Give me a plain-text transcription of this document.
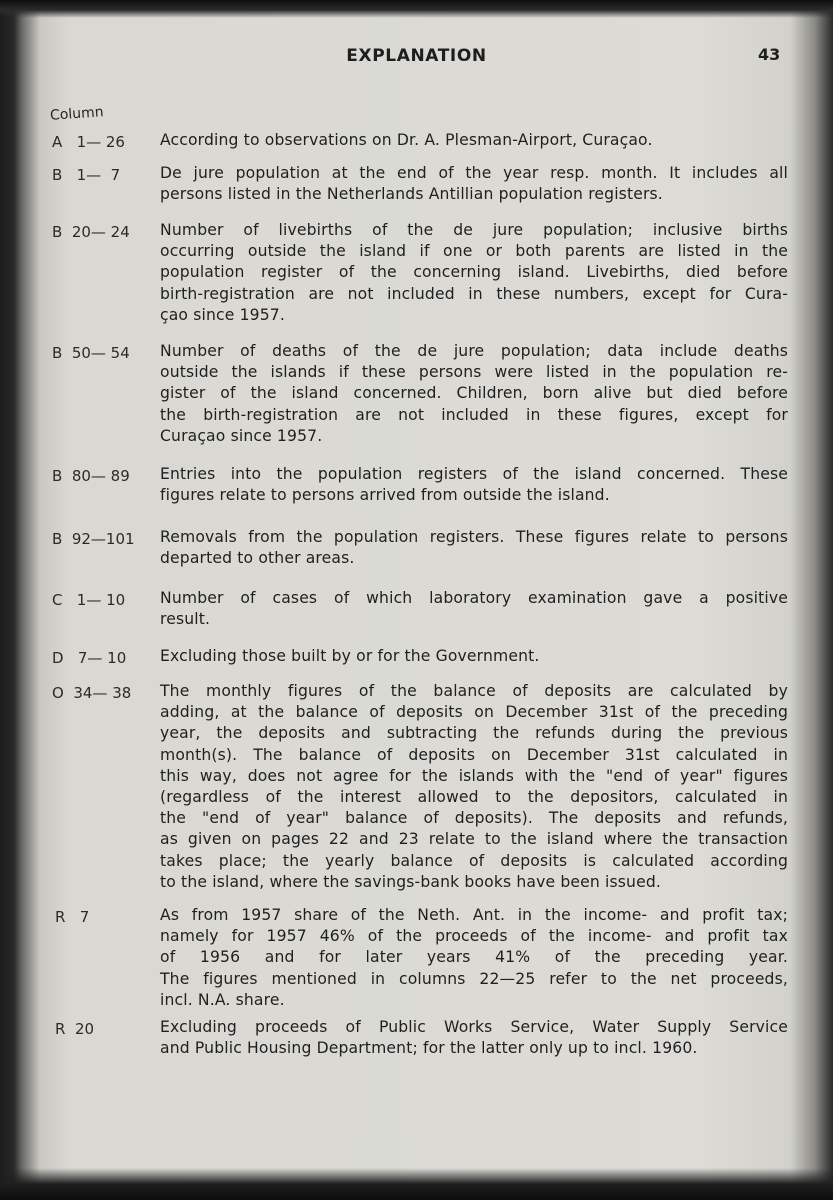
EXPLANATION	43
Column
A   1— 26 According to observations on Dr. A. Plesman-Airport, Curaçao.
B   1—  7	De jure population at the end of the year resp. month. It includes all
persons listed in the Netherlands Antillian population registers.
B  20— 24 Number of livebirths of the de jure population; inclusive births
occurring outside the island if one or both parents are listed in the
population register of the concerning island. Livebirths, died before
birth-registration are not included in these numbers, except for Cura-
çao since 1957.
B  50— 54 Number of deaths of the de jure population; data include deaths
outside the islands if these persons were listed in the population re-
gister of the island concerned. Children, born alive but died before
the birth-registration are not included in these figures, except for
Curaçao since 1957.
B  80— 89 Entries into the population registers of the island concerned. These
figures relate to persons arrived from outside the island.
B  92—101 Removals from the population registers. These figures relate to persons
departed to other areas.
C   1— 10 Number of cases of which laboratory examination gave a positive
result.
D   7— 10 Excluding those built by or for the Government.
O  34— 38 The monthly figures of the balance of deposits are calculated by
adding, at the balance of deposits on December 31st of the preceding
year, the deposits and subtracting the refunds during the previous
month(s). The balance of deposits on December 31st calculated in
this way, does not agree for the islands with the "end of year" figures
(regardless of the interest allowed to the depositors, calculated in
the "end of year" balance of deposits). The deposits and refunds,
as given on pages 22 and 23 relate to the island where the transaction
takes place; the yearly balance of deposits is calculated according
to the island, where the savings-bank books have been issued.
R   7	As from 1957 share of the Neth. Ant. in the income- and profit tax;
namely for 1957 46% of the proceeds of the income- and profit tax
of 1956 and for later years 41% of the preceding year.
The figures mentioned in columns 22—25 refer to the net proceeds,
incl. N.A. share.
R  20	Excluding proceeds of Public Works Service, Water Supply Service
and Public Housing Department; for the latter only up to incl. 1960.
